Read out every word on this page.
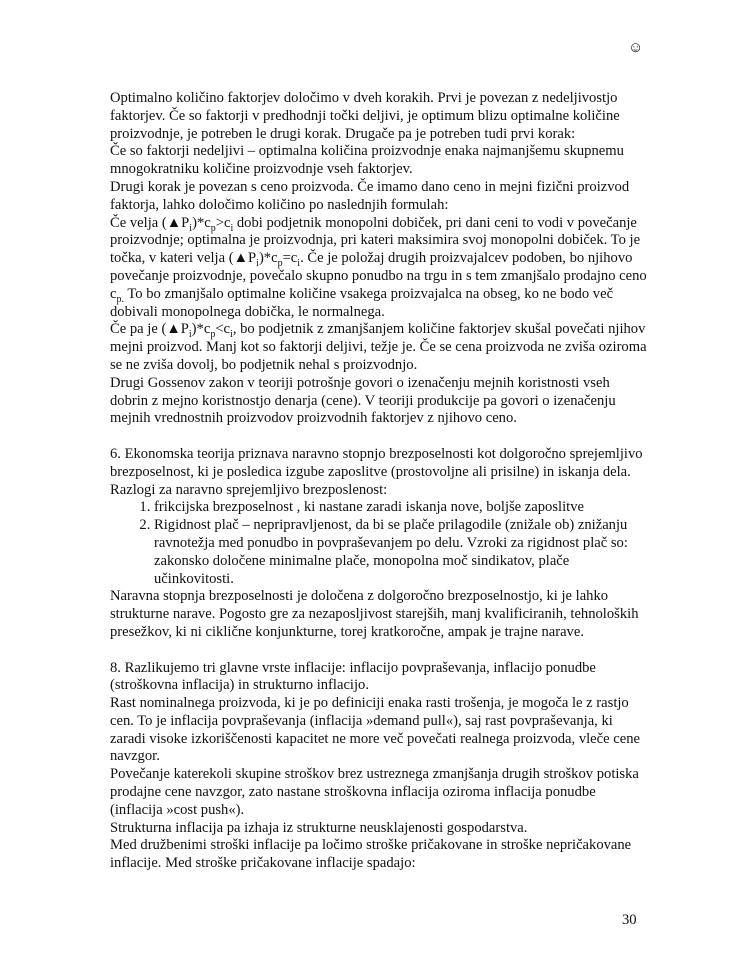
☺

Optimalno količino faktorjev določimo v dveh korakih. Prvi je povezan z nedeljivostjo faktorjev. Če so faktorji v predhodnji točki deljivi, je optimum blizu optimalne količine proizvodnje, je potreben le drugi korak. Drugače pa je potreben tudi prvi korak:

Če so faktorji nedeljivi – optimalna količina proizvodnje enaka najmanjšemu skupnemu mnogokratniku količine proizvodnje vseh faktorjev.

Drugi korak je povezan s ceno proizvoda. Če imamo dano ceno in mejni fizični proizvod faktorja, lahko določimo količino po naslednjih formulah:

Če velja $(▲P_i)*c_p>c_i$ dobi podjetnik monopolni dobiček, pri dani ceni to vodi v povečanje proizvodnje; optimalna je proizvodnja, pri kateri maksimira svoj monopolni dobiček. To je točka, v kateri velja $(▲P_i)*c_p=c_i$. Če je položaj drugih proizvajalcev podoben, bo njihovo povečanje proizvodnje, povečalo skupno ponudbo na trgu in s tem zmanjšalo prodajno ceno $c_{p.}$ To bo zmanjšalo optimalne količine vsakega proizvajalca na obseg, ko ne bodo več dobivali monopolnega dobička, le normalnega.

Če pa je $(▲P_i)*c_p<c_i$, bo podjetnik z zmanjšanjem količine faktorjev skušal povečati njihov mejni proizvod. Manj kot so faktorji deljivi, težje je. Če se cena proizvoda ne zviša oziroma se ne zviša dovolj, bo podjetnik nehal s proizvodnjo.

Drugi Gossenov zakon v teoriji potrošnje govori o izenačenju mejnih koristnosti vseh dobrin z mejno koristnostjo denarja (cene). V teoriji produkcije pa govori o izenačenju mejnih vrednostnih proizvodov proizvodnih faktorjev z njihovo ceno.

6. Ekonomska teorija priznava naravno stopnjo brezposelnosti kot dolgoročno sprejemljivo brezposelnost, ki je posledica izgube zaposlitve (prostovoljne ali prisilne) in iskanja dela.

Razlogi za naravno sprejemljivo brezposlenost:

1. frikcijska brezposelnost , ki nastane zaradi iskanja nove, boljše zaposlitve
2. Rigidnost plač – nepripravljenost, da bi se plače prilagodile (znižale ob) znižanju ravnotežja med ponudbo in povpraševanjem po delu. Vzroki za rigidnost plač so: zakonsko določene minimalne plače, monopolna moč sindikatov, plače učinkovitosti.

Naravna stopnja brezposelnosti je določena z dolgoročno brezposelnostjo, ki je lahko strukturne narave. Pogosto gre za nezaposljivost starejših, manj kvalificiranih, tehnoloških presežkov, ki ni ciklične konjunkturne, torej kratkoročne, ampak je trajne narave.

8. Razlikujemo tri glavne vrste inflacije: inflacijo povpraševanja, inflacijo ponudbe (stroškovna inflacija) in strukturno inflacijo.

Rast nominalnega proizvoda, ki je po definiciji enaka rasti trošenja, je mogoča le z rastjo cen. To je inflacija povpraševanja (inflacija »demand pull«), saj rast povpraševanja, ki zaradi visoke izkoriščenosti kapacitet ne more več povečati realnega proizvoda, vleče cene navzgor.

Povečanje katerekoli skupine stroškov brez ustreznega zmanjšanja drugih stroškov potiska prodajne cene navzgor, zato nastane stroškovna inflacija oziroma inflacija ponudbe (inflacija »cost push«).

Strukturna inflacija pa izhaja iz strukturne neusklajenosti gospodarstva.

Med družbenimi stroški inflacije pa ločimo stroške pričakovane in stroške nepričakovane inflacije. Med stroške pričakovane inflacije spadajo:

30
